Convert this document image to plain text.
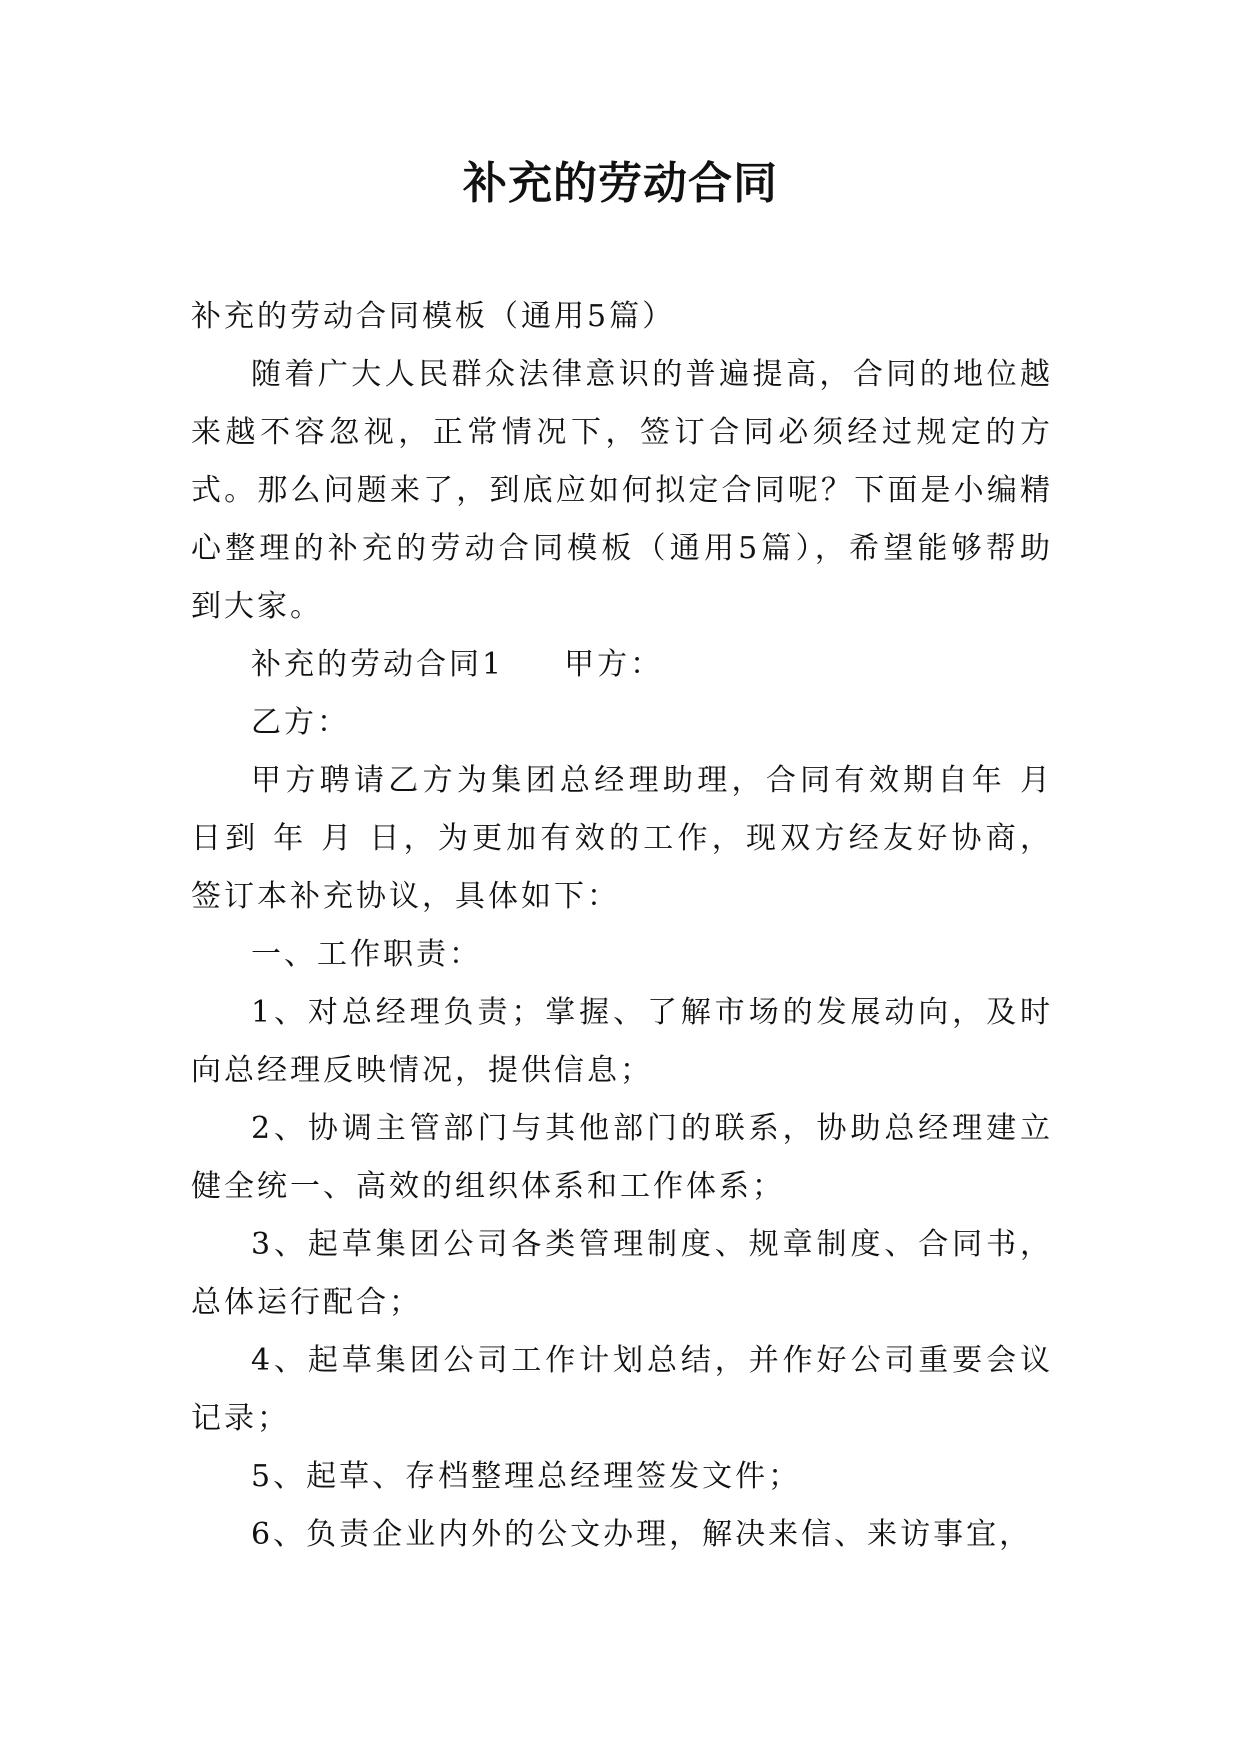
补充的劳动合同

补充的劳动合同模板（通用5篇）

随着广大人民群众法律意识的普遍提高，合同的地位越来越不容忽视，正常情况下，签订合同必须经过规定的方式。那么问题来了，到底应如何拟定合同呢？下面是小编精心整理的补充的劳动合同模板（通用5篇），希望能够帮助到大家。

补充的劳动合同1 甲方：

乙方：

甲方聘请乙方为集团总经理助理，合同有效期自年 月日到 年 月 日，为更加有效的工作，现双方经友好协商，签订本补充协议，具体如下：

一、工作职责：

1、对总经理负责；掌握、了解市场的发展动向，及时向总经理反映情况，提供信息；

2、协调主管部门与其他部门的联系，协助总经理建立健全统一、高效的组织体系和工作体系；

3、起草集团公司各类管理制度、规章制度、合同书，总体运行配合；

4、起草集团公司工作计划总结，并作好公司重要会议记录；

5、起草、存档整理总经理签发文件；

6、负责企业内外的公文办理，解决来信、来访事宜，
